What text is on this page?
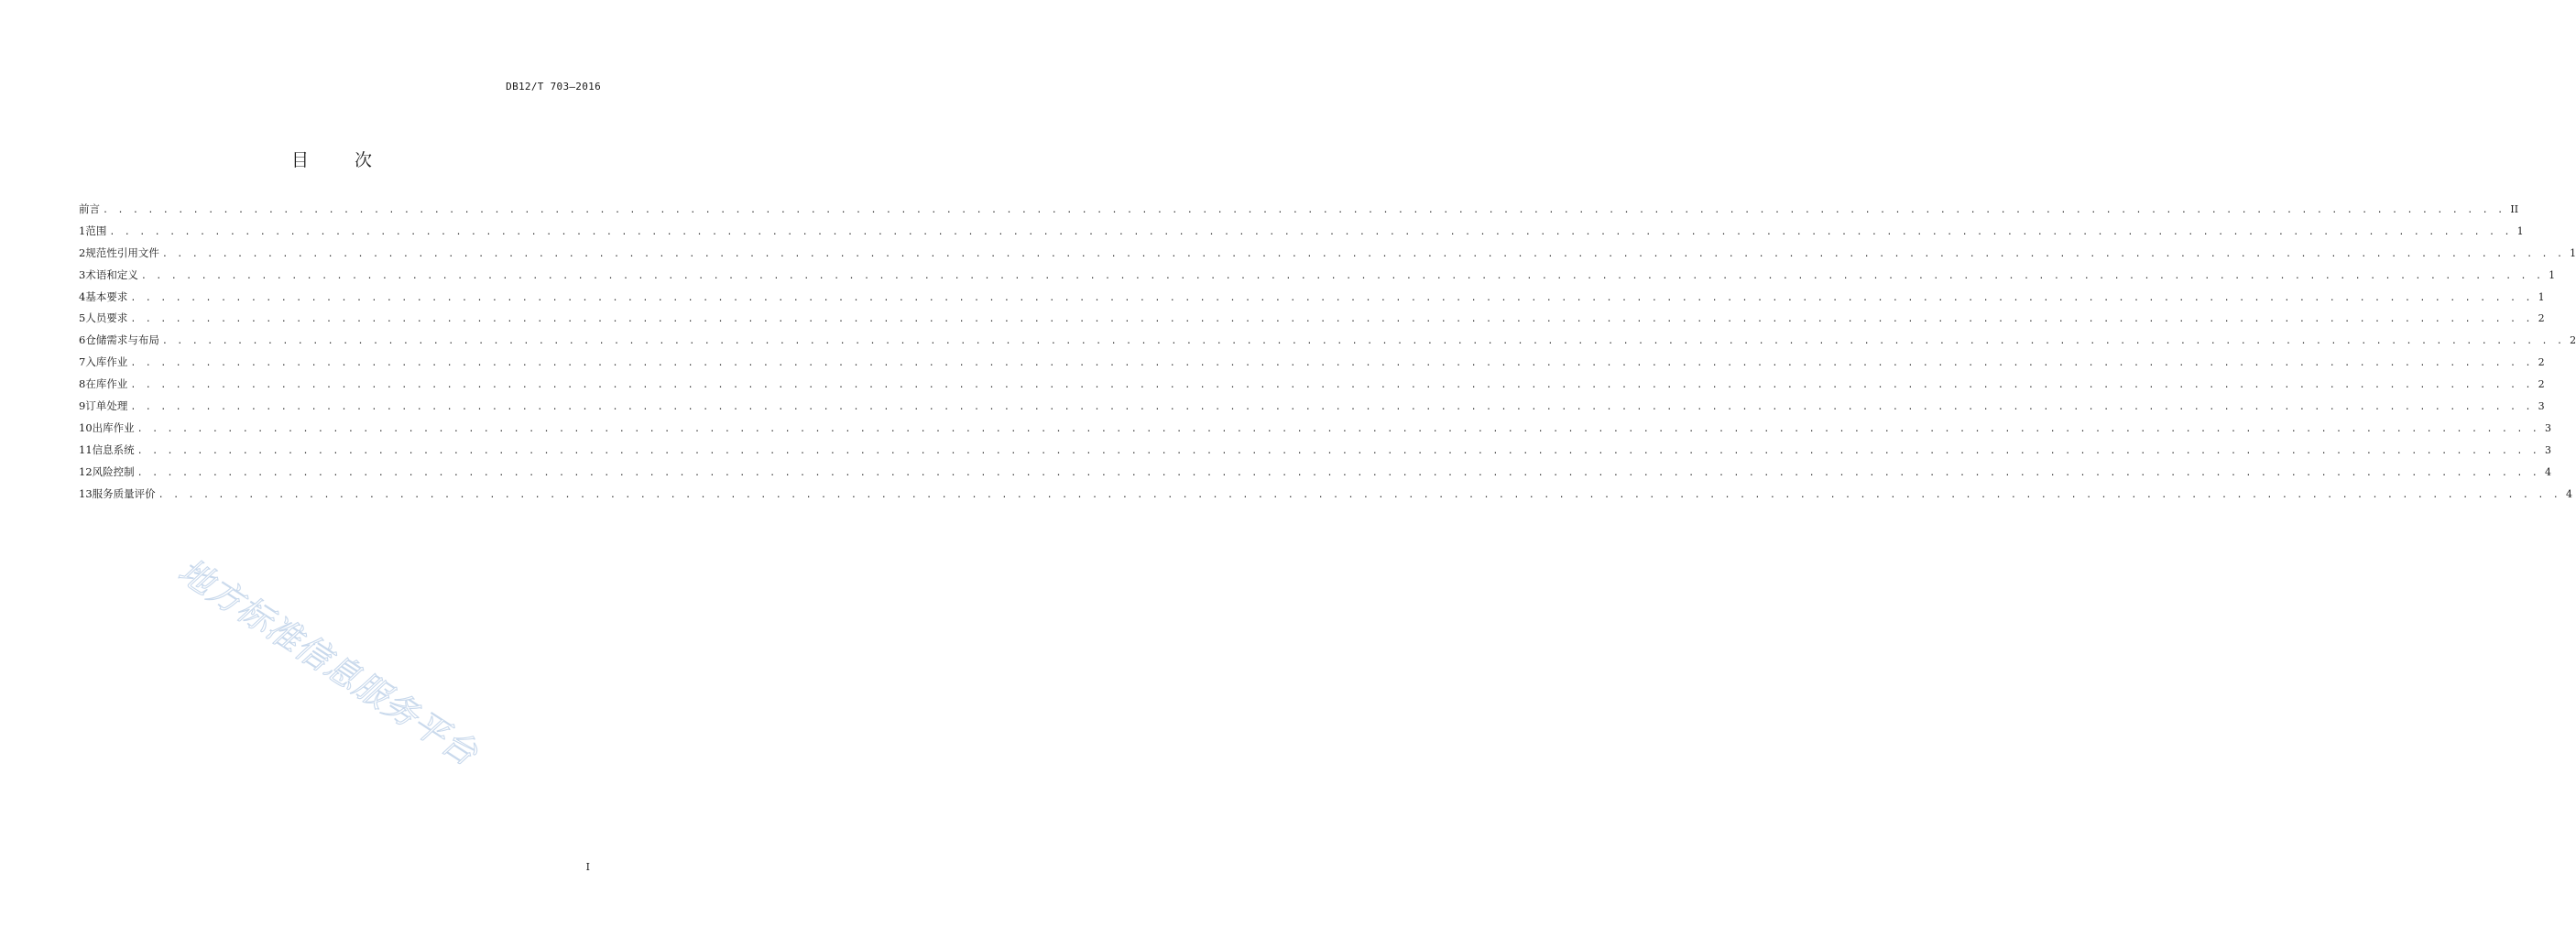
DB12/T 703—2016
目 次
前言 . . . . . . . . . . . . . . . . . . . . . . . . . . . . . . . . . . . . . . . . . . . . . . . . . . . . . . . . . . . . . . . . . . . . . . . . . . . . . . . . . . . . . . . . . . . . . . . . . . . . . . . . . . . . . . . . . . . . . . . . . . . . . . . . . . . . . . . . . . . . . . . . . . . . . . . . . . . . . . . . II
1 范围 . . . . . . . . . . . . . . . . . . . . . . . . . . . . . . . . . . . . . . . . . . . . . . . . . . . . . . . . . . . . . . . . . . . . . . . . . . . . . . . . . . . . . . . . . . . . . . . . . . . . . . . . . . . . . . . . . . . . . . . . . . . . . . . . . . . . . . . . . . . . . . . . . . . . . . . . . . . . . . . . 1
2 规范性引用文件 . . . . . . . . . . . . . . . . . . . . . . . . . . . . . . . . . . . . . . . . . . . . . . . . . . . . . . . . . . . . . . . . . . . . . . . . . . . . . . . . . . . . . . . . . . . . . . . . . . . . . . . . . . . . . . . . . . . . . . . . . . . . . . . . . . . . . . . . . . . . . . . . . . . . . . . . . . . . . . . . 1
3 术语和定义 . . . . . . . . . . . . . . . . . . . . . . . . . . . . . . . . . . . . . . . . . . . . . . . . . . . . . . . . . . . . . . . . . . . . . . . . . . . . . . . . . . . . . . . . . . . . . . . . . . . . . . . . . . . . . . . . . . . . . . . . . . . . . . . . . . . . . . . . . . . . . . . . . . . . . . . . . . . . . . . . 1
4 基本要求 . . . . . . . . . . . . . . . . . . . . . . . . . . . . . . . . . . . . . . . . . . . . . . . . . . . . . . . . . . . . . . . . . . . . . . . . . . . . . . . . . . . . . . . . . . . . . . . . . . . . . . . . . . . . . . . . . . . . . . . . . . . . . . . . . . . . . . . . . . . . . . . . . . . . . . . . . . . . . . . . 1
5 人员要求 . . . . . . . . . . . . . . . . . . . . . . . . . . . . . . . . . . . . . . . . . . . . . . . . . . . . . . . . . . . . . . . . . . . . . . . . . . . . . . . . . . . . . . . . . . . . . . . . . . . . . . . . . . . . . . . . . . . . . . . . . . . . . . . . . . . . . . . . . . . . . . . . . . . . . . . . . . . . . . . . 2
6 仓储需求与布局 . . . . . . . . . . . . . . . . . . . . . . . . . . . . . . . . . . . . . . . . . . . . . . . . . . . . . . . . . . . . . . . . . . . . . . . . . . . . . . . . . . . . . . . . . . . . . . . . . . . . . . . . . . . . . . . . . . . . . . . . . . . . . . . . . . . . . . . . . . . . . . . . . . . . . . . . . . . . . . . . 2
7 入库作业 . . . . . . . . . . . . . . . . . . . . . . . . . . . . . . . . . . . . . . . . . . . . . . . . . . . . . . . . . . . . . . . . . . . . . . . . . . . . . . . . . . . . . . . . . . . . . . . . . . . . . . . . . . . . . . . . . . . . . . . . . . . . . . . . . . . . . . . . . . . . . . . . . . . . . . . . . . . . . . . . 2
8 在库作业 . . . . . . . . . . . . . . . . . . . . . . . . . . . . . . . . . . . . . . . . . . . . . . . . . . . . . . . . . . . . . . . . . . . . . . . . . . . . . . . . . . . . . . . . . . . . . . . . . . . . . . . . . . . . . . . . . . . . . . . . . . . . . . . . . . . . . . . . . . . . . . . . . . . . . . . . . . . . . . . . 2
9 订单处理 . . . . . . . . . . . . . . . . . . . . . . . . . . . . . . . . . . . . . . . . . . . . . . . . . . . . . . . . . . . . . . . . . . . . . . . . . . . . . . . . . . . . . . . . . . . . . . . . . . . . . . . . . . . . . . . . . . . . . . . . . . . . . . . . . . . . . . . . . . . . . . . . . . . . . . . . . . . . . . . . 3
10 出库作业 . . . . . . . . . . . . . . . . . . . . . . . . . . . . . . . . . . . . . . . . . . . . . . . . . . . . . . . . . . . . . . . . . . . . . . . . . . . . . . . . . . . . . . . . . . . . . . . . . . . . . . . . . . . . . . . . . . . . . . . . . . . . . . . . . . . . . . . . . . . . . . . . . . . . . . . . . . . . . . . . 3
11 信息系统 . . . . . . . . . . . . . . . . . . . . . . . . . . . . . . . . . . . . . . . . . . . . . . . . . . . . . . . . . . . . . . . . . . . . . . . . . . . . . . . . . . . . . . . . . . . . . . . . . . . . . . . . . . . . . . . . . . . . . . . . . . . . . . . . . . . . . . . . . . . . . . . . . . . . . . . . . . . . . . . . 3
12 风险控制 . . . . . . . . . . . . . . . . . . . . . . . . . . . . . . . . . . . . . . . . . . . . . . . . . . . . . . . . . . . . . . . . . . . . . . . . . . . . . . . . . . . . . . . . . . . . . . . . . . . . . . . . . . . . . . . . . . . . . . . . . . . . . . . . . . . . . . . . . . . . . . . . . . . . . . . . . . . . . . . . 4
13 服务质量评价 . . . . . . . . . . . . . . . . . . . . . . . . . . . . . . . . . . . . . . . . . . . . . . . . . . . . . . . . . . . . . . . . . . . . . . . . . . . . . . . . . . . . . . . . . . . . . . . . . . . . . . . . . . . . . . . . . . . . . . . . . . . . . . . . . . . . . . . . . . . . . . . . . . . . . . . . . . . . . . . . 4
地方标准信息服务平台
I
